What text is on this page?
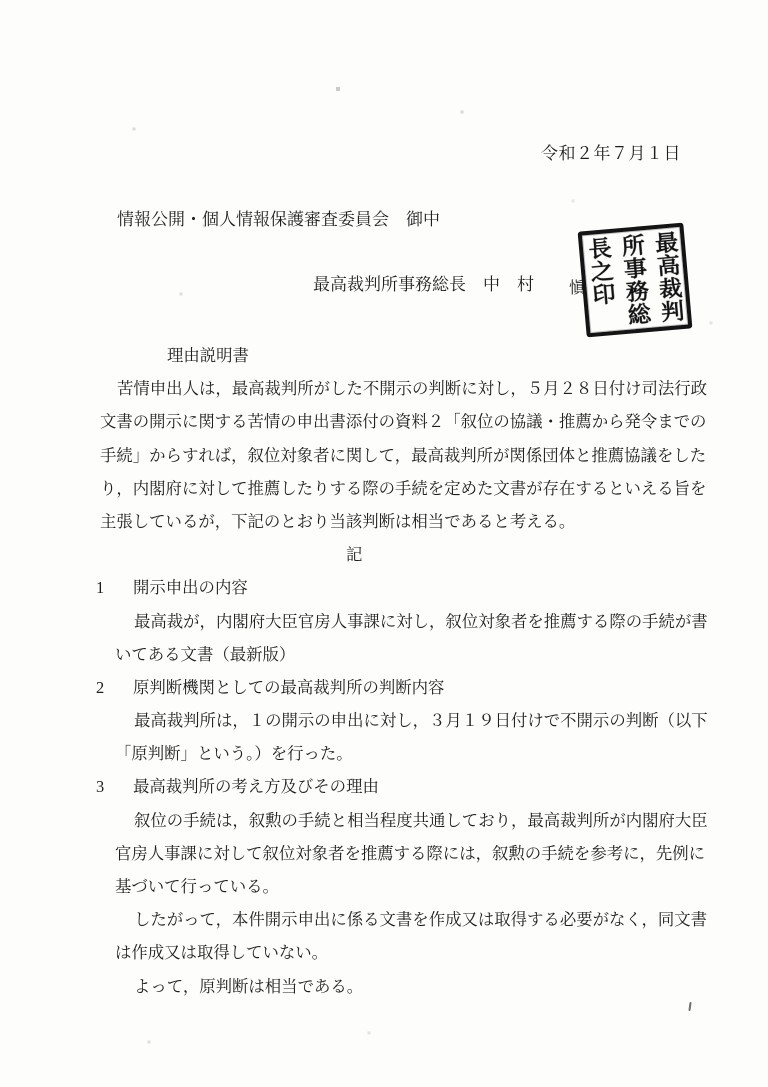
令和２年７月１日
情報公開・個人情報保護審査委員会　御中
最高裁判所事務総長　 中　村 愼	最高裁判所事務総長之印
理由説明書
苦情申出人は，最高裁判所がした不開示の判断に対し，５月２８日付け司法行政
文書の開示に関する苦情の申出書添付の資料２「叙位の協議・推薦から発令までの
手続」からすれば，叙位対象者に関して，最高裁判所が関係団体と推薦協議をした
り，内閣府に対して推薦したりする際の手続を定めた文書が存在するといえる旨を
主張しているが，下記のとおり当該判断は相当であると考える。
記
1 開示申出の内容
最高裁が，内閣府大臣官房人事課に対し，叙位対象者を推薦する際の手続が書
いてある文書（最新版）
2 原判断機関としての最高裁判所の判断内容
最高裁判所は，１の開示の申出に対し，３月１９日付けで不開示の判断（以下
「原判断」という。）を行った。
3 最高裁判所の考え方及びその理由
叙位の手続は，叙勲の手続と相当程度共通しており，最高裁判所が内閣府大臣
官房人事課に対して叙位対象者を推薦する際には，叙勲の手続を参考に，先例に
基づいて行っている。
したがって，本件開示申出に係る文書を作成又は取得する必要がなく，同文書
は作成又は取得していない。
よって，原判断は相当である。
